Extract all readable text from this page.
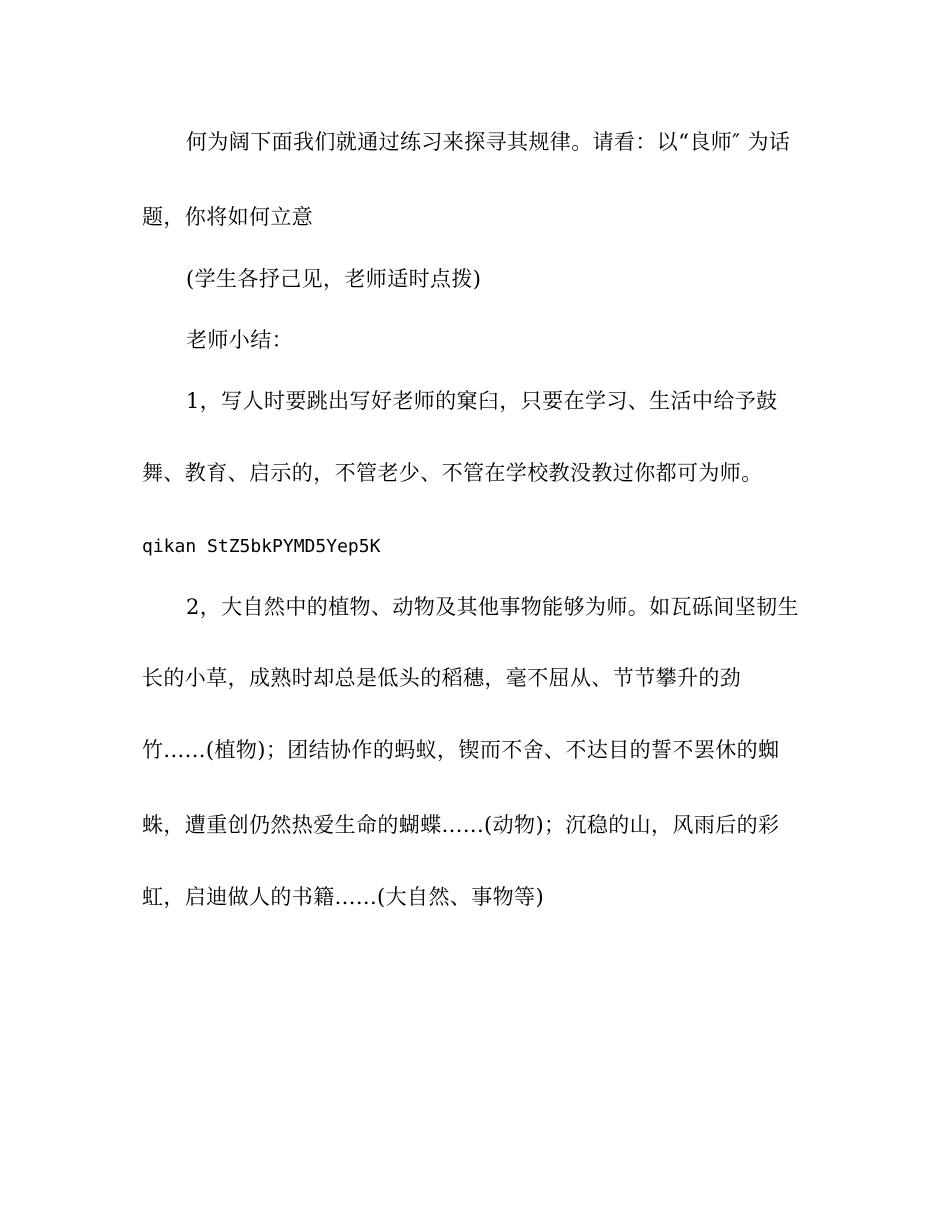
何为阔下面我们就通过练习来探寻其规律。请看：以“良师″ 为话
题，你将如何立意
(学生各抒己见，老师适时点拨)
老师小结：
1，写人时要跳出写好老师的窠臼，只要在学习、生活中给予鼓
舞、教育、启示的，不管老少、不管在学校教没教过你都可为师。
qikan StZ5bkPYMD5Yep5K
2，大自然中的植物、动物及其他事物能够为师。如瓦砾间坚韧生
长的小草，成熟时却总是低头的稻穗，毫不屈从、节节攀升的劲
竹......(植物)；团结协作的蚂蚁，锲而不舍、不达目的誓不罢休的蜘
蛛，遭重创仍然热爱生命的蝴蝶......(动物)；沉稳的山，风雨后的彩
虹，启迪做人的书籍......(大自然、事物等)
